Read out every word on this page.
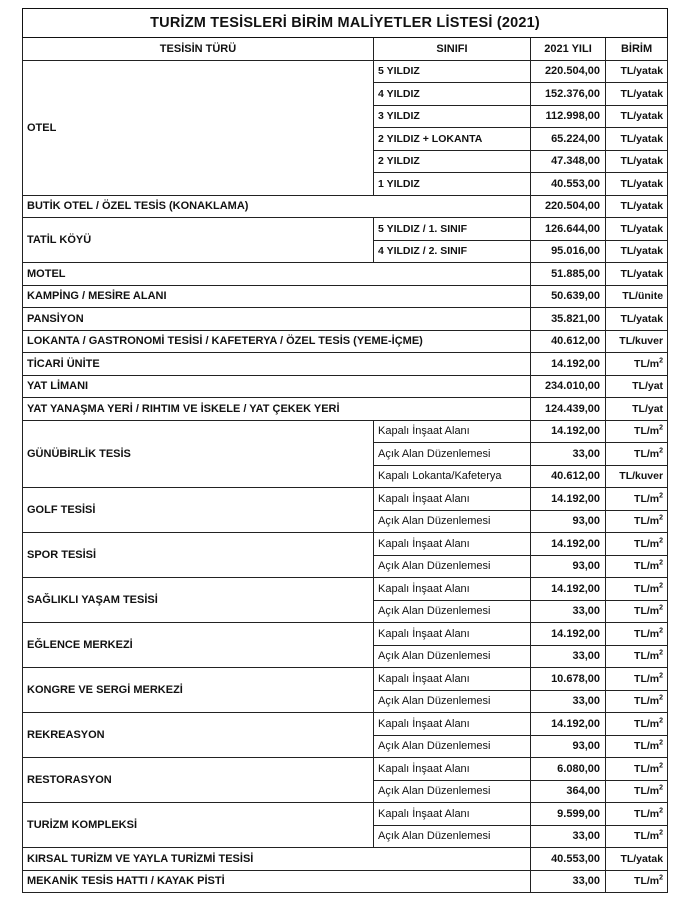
TURİZM TESİSLERİ BİRİM MALİYETLER LİSTESİ (2021)			
TESİSİN TÜRÜ	SINIFI	2021 YILI	BİRİM
OTEL	5 YILDIZ	220.504,00	TL/yatak
	4 YILDIZ	152.376,00	TL/yatak
	3 YILDIZ	112.998,00	TL/yatak
	2 YILDIZ + LOKANTA	65.224,00	TL/yatak
	2 YILDIZ	47.348,00	TL/yatak
	1 YILDIZ	40.553,00	TL/yatak
BUTİK OTEL / ÖZEL TESİS (KONAKLAMA)		220.504,00	TL/yatak
TATİL KÖYÜ	5 YILDIZ / 1. SINIF	126.644,00	TL/yatak
	4 YILDIZ / 2. SINIF	95.016,00	TL/yatak
MOTEL		51.885,00	TL/yatak
KAMPİNG / MESİRE ALANI		50.639,00	TL/ünite
PANSİYON		35.821,00	TL/yatak
LOKANTA / GASTRONOMİ TESİSİ / KAFETERYA / ÖZEL TESİS (YEME-İÇME)		40.612,00	TL/kuver
TİCARİ ÜNİTE		14.192,00	$TL/m^2$
YAT LİMANI		234.010,00	TL/yat
YAT YANAŞMA YERİ / RIHTIM VE İSKELE / YAT ÇEKEK YERİ		124.439,00	TL/yat
GÜNÜBİRLİK TESİS	Kapalı İnşaat Alanı	14.192,00	$TL/m^2$
	Açık Alan Düzenlemesi	33,00	$TL/m^2$
	Kapalı Lokanta/Kafeterya	40.612,00	TL/kuver
GOLF TESİSİ	Kapalı İnşaat Alanı	14.192,00	$TL/m^2$
	Açık Alan Düzenlemesi	93,00	$TL/m^2$
SPOR TESİSİ	Kapalı İnşaat Alanı	14.192,00	$TL/m^2$
	Açık Alan Düzenlemesi	93,00	$TL/m^2$
SAĞLIKLI YAŞAM TESİSİ	Kapalı İnşaat Alanı	14.192,00	$TL/m^2$
	Açık Alan Düzenlemesi	33,00	$TL/m^2$
EĞLENCE MERKEZİ	Kapalı İnşaat Alanı	14.192,00	$TL/m^2$
	Açık Alan Düzenlemesi	33,00	$TL/m^2$
KONGRE VE SERGİ MERKEZİ	Kapalı İnşaat Alanı	10.678,00	$TL/m^2$
	Açık Alan Düzenlemesi	33,00	$TL/m^2$
REKREASYON	Kapalı İnşaat Alanı	14.192,00	$TL/m^2$
	Açık Alan Düzenlemesi	93,00	$TL/m^2$
RESTORASYON	Kapalı İnşaat Alanı	6.080,00	$TL/m^2$
	Açık Alan Düzenlemesi	364,00	$TL/m^2$
TURİZM KOMPLEKSİ	Kapalı İnşaat Alanı	9.599,00	$TL/m^2$
	Açık Alan Düzenlemesi	33,00	$TL/m^2$
KIRSAL TURİZM VE YAYLA TURİZMİ TESİSİ		40.553,00	TL/yatak
MEKANİK TESİS HATTI / KAYAK PİSTİ		33,00	$TL/m^2$
